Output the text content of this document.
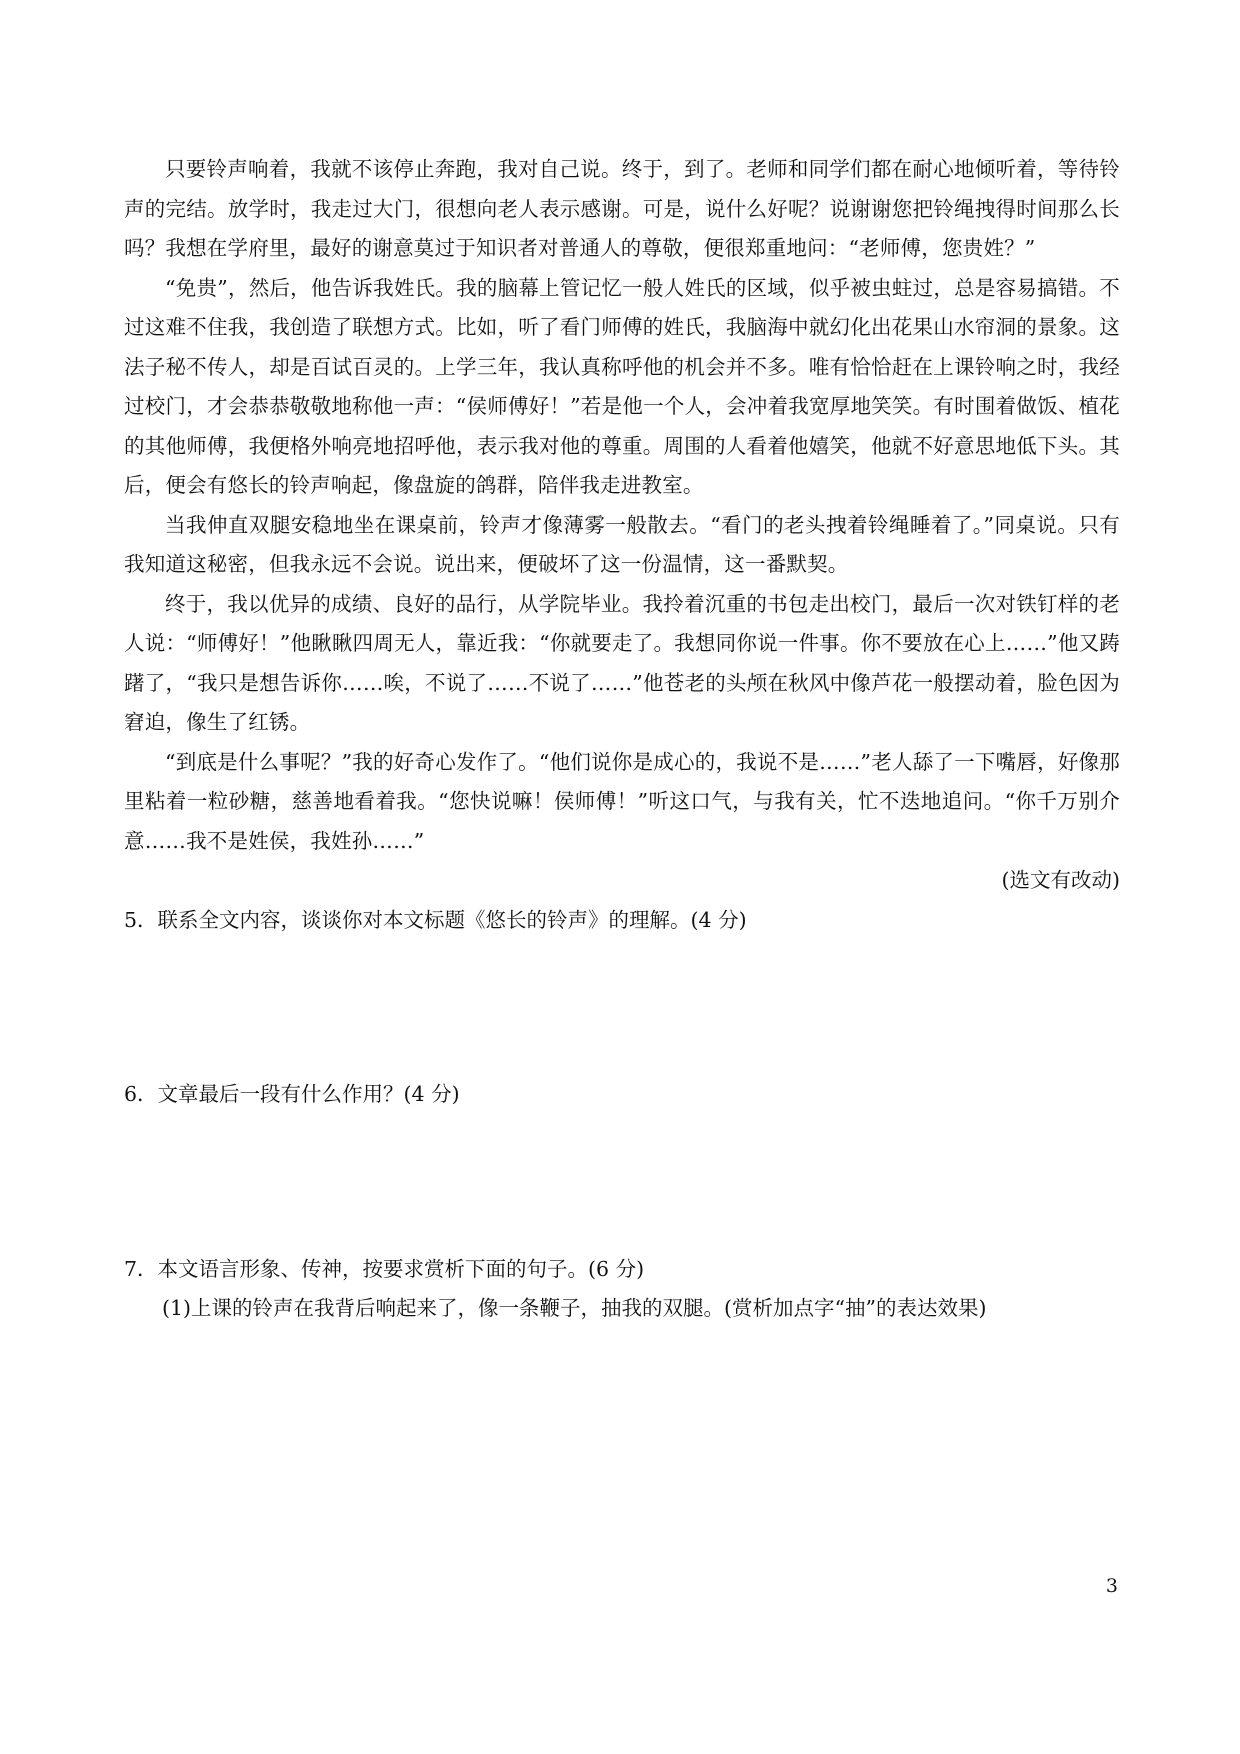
只要铃声响着，我就不该停止奔跑，我对自己说。终于，到了。老师和同学们都在耐心地倾听着，等待铃声的完结。放学时，我走过大门，很想向老人表示感谢。可是，说什么好呢？说谢谢您把铃绳拽得时间那么长吗？我想在学府里，最好的谢意莫过于知识者对普通人的尊敬，便很郑重地问：“老师傅，您贵姓？”

“免贵”，然后，他告诉我姓氏。我的脑幕上管记忆一般人姓氏的区域，似乎被虫蛀过，总是容易搞错。不过这难不住我，我创造了联想方式。比如，听了看门师傅的姓氏，我脑海中就幻化出花果山水帘洞的景象。这法子秘不传人，却是百试百灵的。上学三年，我认真称呼他的机会并不多。唯有恰恰赶在上课铃响之时，我经过校门，才会恭恭敬敬地称他一声：“侯师傅好！”若是他一个人，会冲着我宽厚地笑笑。有时围着做饭、植花的其他师傅，我便格外响亮地招呼他，表示我对他的尊重。周围的人看着他嬉笑，他就不好意思地低下头。其后，便会有悠长的铃声响起，像盘旋的鸽群，陪伴我走进教室。

当我伸直双腿安稳地坐在课桌前，铃声才像薄雾一般散去。“看门的老头拽着铃绳睡着了。”同桌说。只有我知道这秘密，但我永远不会说。说出来，便破坏了这一份温情，这一番默契。

终于，我以优异的成绩、良好的品行，从学院毕业。我拎着沉重的书包走出校门，最后一次对铁钉样的老人说：“师傅好！”他瞅瞅四周无人，靠近我：“你就要走了。我想同你说一件事。你不要放在心上……”他又踌躇了，“我只是想告诉你……唉，不说了……不说了……”他苍老的头颅在秋风中像芦花一般摆动着，脸色因为窘迫，像生了红锈。

“到底是什么事呢？”我的好奇心发作了。“他们说你是成心的，我说不是……”老人舔了一下嘴唇，好像那里粘着一粒砂糖，慈善地看着我。“您快说嘛！侯师傅！”听这口气，与我有关，忙不迭地追问。“你千万别介意……我不是姓侯，我姓孙……”

(选文有改动)

5．联系全文内容，谈谈你对本文标题《悠长的铃声》的理解。(4 分)

6．文章最后一段有什么作用？(4 分)

7．本文语言形象、传神，按要求赏析下面的句子。(6 分)

(1)上课的铃声在我背后响起来了，像一条鞭子，抽我的双腿。(赏析加点字“抽”的表达效果)

3
